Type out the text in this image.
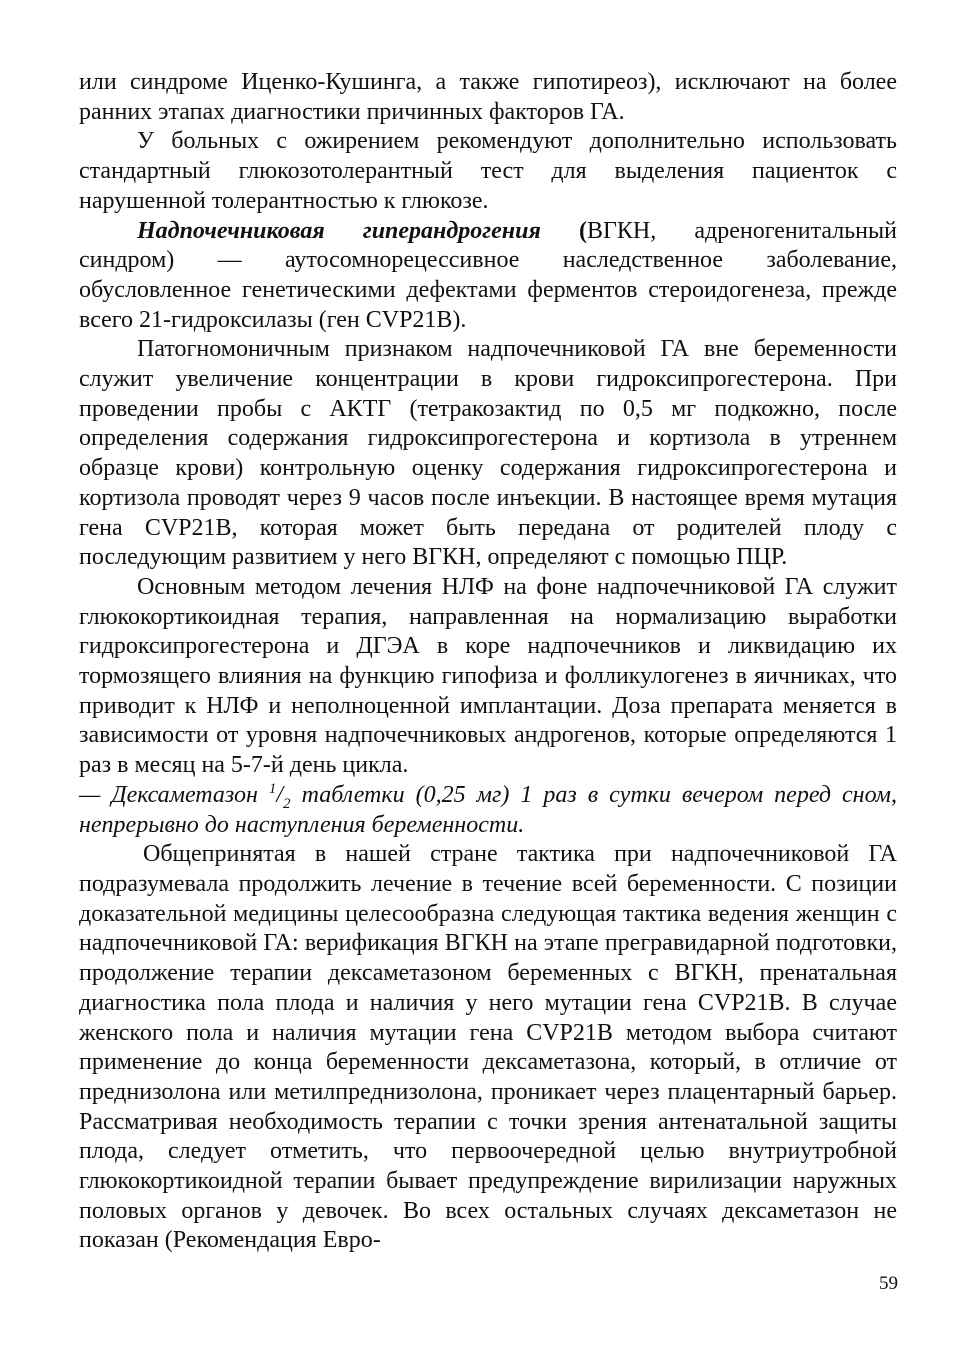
или синдроме Иценко-Кушинга, а также гипотиреоз), исключают на более ранних этапах диагностики причинных факторов ГА.

У больных с ожирением рекомендуют дополнительно использовать стандартный глюкозотолерантный тест для выделения пациенток с нарушенной толерантностью к глюкозе.

Надпочечниковая гиперандрогения (ВГКН, адреногенитальный синдром) — аутосомнорецессивное наследственное заболевание, обусловленное генетическими дефектами ферментов стероидогенеза, прежде всего 21-гидроксилазы (ген CVP21B).

Патогномоничным признаком надпочечниковой ГА вне беременности служит увеличение концентрации в крови гидроксипрогестерона. При проведении пробы с АКТГ (тетракозактид по 0,5 мг подкожно, после определения содержания гидроксипрогестерона и кортизола в утреннем образце крови) контрольную оценку содержания гидроксипрогестерона и кортизола проводят через 9 часов после инъекции. В настоящее время мутация гена CVP21B, которая может быть передана от родителей плоду с последующим развитием у него ВГКН, определяют с помощью ПЦР.

Основным методом лечения НЛФ на фоне надпочечниковой ГА служит глюкокортикоидная терапия, направленная на нормализацию выработки гидроксипрогестерона и ДГЭА в коре надпочечников и ликвидацию их тормозящего влияния на функцию гипофиза и фолликулогенез в яичниках, что приводит к НЛФ и неполноценной имплантации. Доза препарата меняется в зависимости от уровня надпочечниковых андрогенов, которые определяются 1 раз в месяц на 5-7-й день цикла.

— Дексаметазон $^1/_2$ таблетки (0,25 мг) 1 раз в сутки вечером перед сном, непрерывно до наступления беременности.

Общепринятая в нашей стране тактика при надпочечниковой ГА подразумевала продолжить лечение в течение всей беременности. С позиции доказательной медицины целесообразна следующая тактика ведения женщин с надпочечниковой ГА: верификация ВГКН на этапе прегравидарной подготовки, продолжение терапии дексаметазоном беременных с ВГКН, пренатальная диагностика пола плода и наличия у него мутации гена CVP21B. В случае женского пола и наличия мутации гена CVP21B методом выбора считают применение до конца беременности дексаметазона, который, в отличие от преднизолона или метилпреднизолона, проникает через плацентарный барьер. Рассматривая необходимость терапии с точки зрения антенатальной защиты плода, следует отметить, что первоочередной целью внутриутробной глюкокортикоидной терапии бывает предупреждение вирилизации наружных половых органов у девочек. Во всех остальных случаях дексаметазон не показан (Рекомендация Евро-

59
